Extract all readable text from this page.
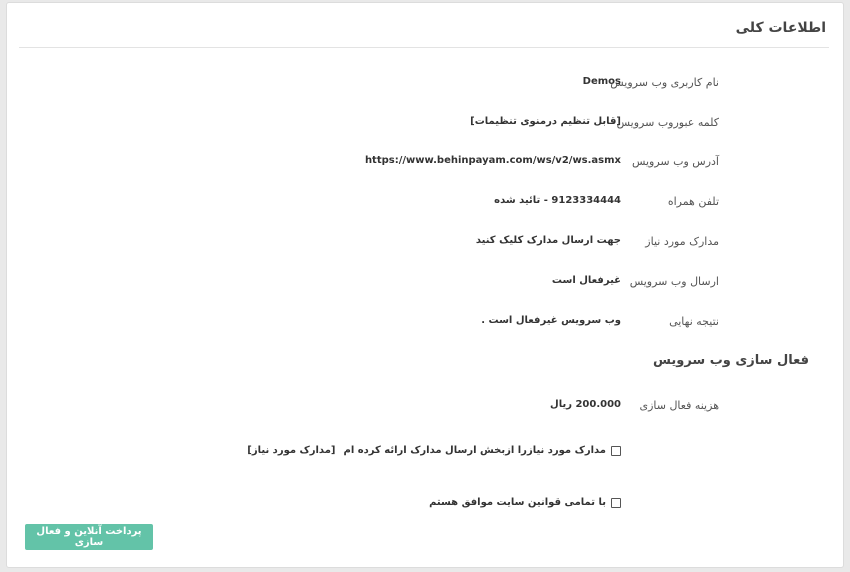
اطلاعات کلی
نام کاربری وب سرویس
Demos
کلمه عبوروب سرویس
[قابل تنظیم درمنوی تنظیمات]
آدرس وب سرویس
https://www.behinpayam.com/ws/v2/ws.asmx
تلفن همراه
9123334444 - تائید شده
مدارک مورد نیاز
جهت ارسال مدارک کلیک کنید
ارسال وب سرویس
غیرفعال است
نتیجه نهایی
وب سرویس غیرفعال است .
فعال سازی وب سرویس
هزینه فعال سازی
200.000 ریال
مدارک مورد نیازرا ازبخش ارسال مدارک ارائه کرده ام
[مدارک مورد نیاز]
با تمامی قوانین سایت موافق هستم
پرداخت آنلاین و فعال سازی
